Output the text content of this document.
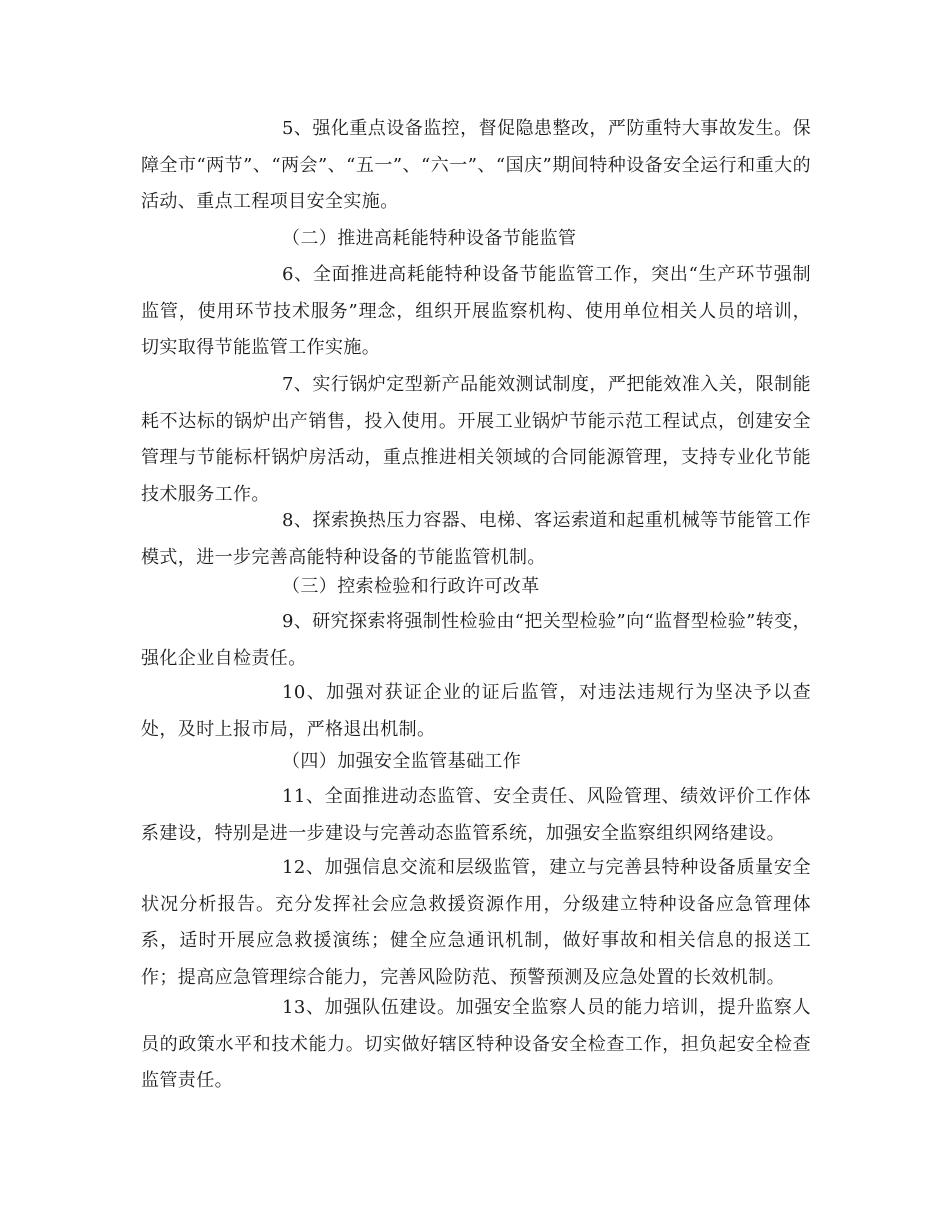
5、强化重点设备监控，督促隐患整改，严防重特大事故发生。保障全市“两节”、“两会”、“五一”、“六一”、“国庆”期间特种设备安全运行和重大的活动、重点工程项目安全实施。

（二）推进高耗能特种设备节能监管

6、全面推进高耗能特种设备节能监管工作，突出“生产环节强制监管，使用环节技术服务”理念，组织开展监察机构、使用单位相关人员的培训，切实取得节能监管工作实施。

7、实行锅炉定型新产品能效测试制度，严把能效准入关，限制能耗不达标的锅炉出产销售，投入使用。开展工业锅炉节能示范工程试点，创建安全管理与节能标杆锅炉房活动，重点推进相关领域的合同能源管理，支持专业化节能技术服务工作。

8、探索换热压力容器、电梯、客运索道和起重机械等节能管工作模式，进一步完善高能特种设备的节能监管机制。

（三）控索检验和行政许可改革

9、研究探索将强制性检验由“把关型检验”向“监督型检验”转变，强化企业自检责任。

10、加强对获证企业的证后监管，对违法违规行为坚决予以查处，及时上报市局，严格退出机制。

（四）加强安全监管基础工作

11、全面推进动态监管、安全责任、风险管理、绩效评价工作体系建设，特别是进一步建设与完善动态监管系统，加强安全监察组织网络建设。

12、加强信息交流和层级监管，建立与完善县特种设备质量安全状况分析报告。充分发挥社会应急救援资源作用，分级建立特种设备应急管理体系，适时开展应急救援演练；健全应急通讯机制，做好事故和相关信息的报送工作；提高应急管理综合能力，完善风险防范、预警预测及应急处置的长效机制。

13、加强队伍建设。加强安全监察人员的能力培训，提升监察人员的政策水平和技术能力。切实做好辖区特种设备安全检查工作，担负起安全检查监管责任。
